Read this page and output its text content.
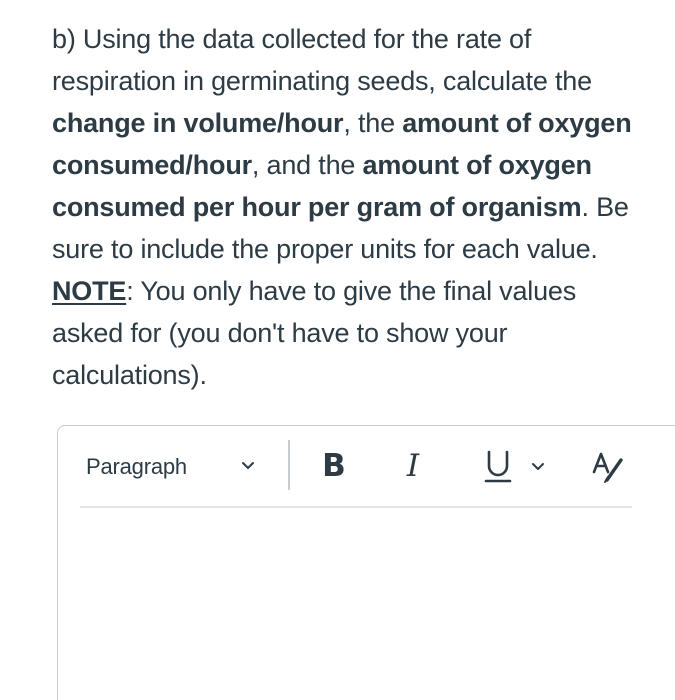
b) Using the data collected for the rate of respiration in germinating seeds, calculate the change in volume/hour, the amount of oxygen consumed/hour, and the amount of oxygen consumed per hour per gram of organism. Be sure to include the proper units for each value. NOTE: You only have to give the final values asked for (you don't have to show your calculations).

Paragraph	B I
